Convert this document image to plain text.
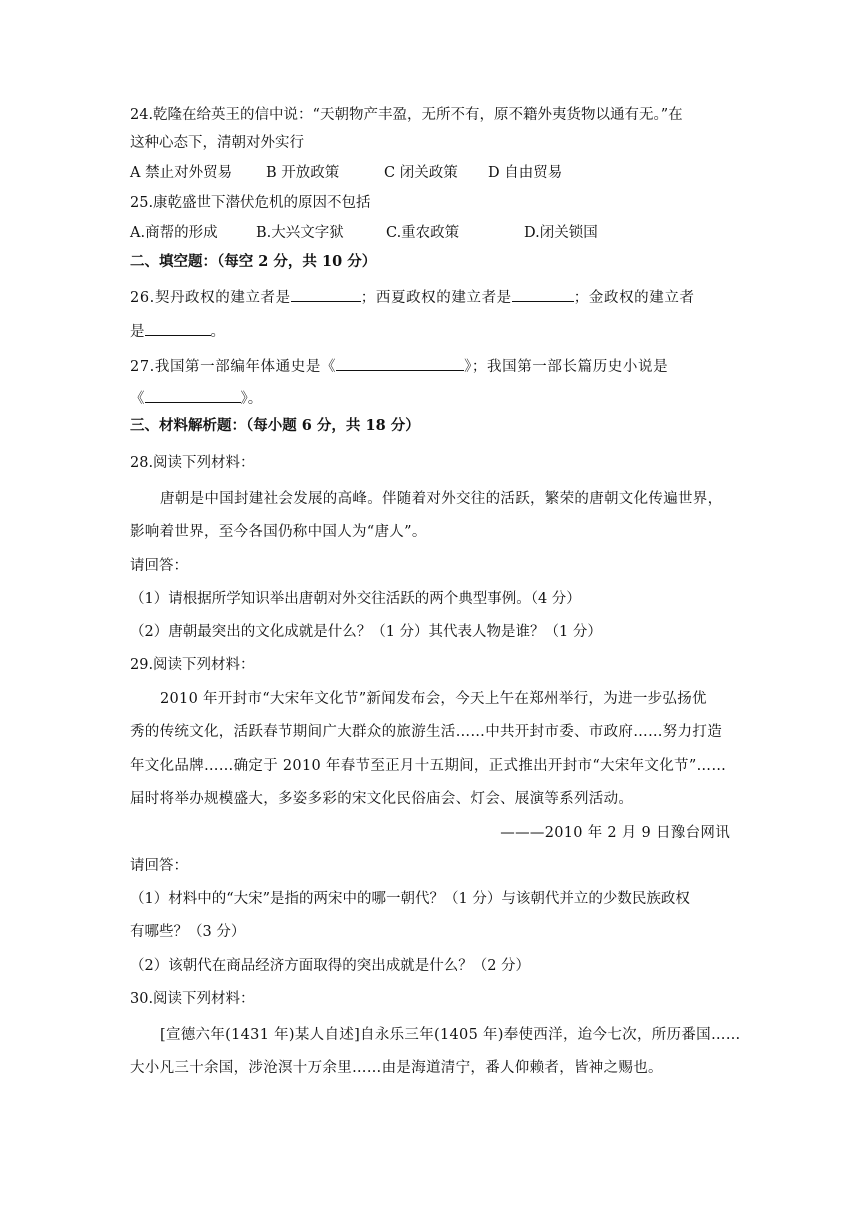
24.乾隆在给英王的信中说：“天朝物产丰盈，无所不有，原不籍外夷货物以通有无。”在
这种心态下，清朝对外实行
A 禁止对外贸易 B 开放政策	C 闭关政策 D 自由贸易
25.康乾盛世下潜伏危机的原因不包括
A.商帮的形成	B.大兴文字狱	C.重农政策	D.闭关锁国
二、填空题：（每空 2 分，共 10 分）
26.契丹政权的建立者是	；西夏政权的建立者是	；金政权的建立者
是	。
27.我国第一部编年体通史是《	》；我国第一部长篇历史小说是
《	》。
三、材料解析题：（每小题 6 分，共 18 分）
28.阅读下列材料：
唐朝是中国封建社会发展的高峰。伴随着对外交往的活跃，繁荣的唐朝文化传遍世界，
影响着世界，至今各国仍称中国人为“唐人”。
请回答：
（1）请根据所学知识举出唐朝对外交往活跃的两个典型事例。（4 分）
（2）唐朝最突出的文化成就是什么？（1 分）其代表人物是谁？（1 分）
29.阅读下列材料：
2010 年开封市“大宋年文化节”新闻发布会，今天上午在郑州举行，为进一步弘扬优
秀的传统文化，活跃春节期间广大群众的旅游生活……中共开封市委、市政府……努力打造
年文化品牌……确定于 2010 年春节至正月十五期间，正式推出开封市“大宋年文化节”……
届时将举办规模盛大，多姿多彩的宋文化民俗庙会、灯会、展演等系列活动。
———2010 年 2 月 9 日豫台网讯
请回答：
（1）材料中的“大宋”是指的两宋中的哪一朝代？（1 分）与该朝代并立的少数民族政权
有哪些？（3 分）
（2）该朝代在商品经济方面取得的突出成就是什么？（2 分）
30.阅读下列材料：
[宣德六年(1431 年)某人自述]自永乐三年(1405 年)奉使西洋，迨今七次，所历番国……
大小凡三十余国，涉沧溟十万余里……由是海道清宁，番人仰赖者，皆神之赐也。
